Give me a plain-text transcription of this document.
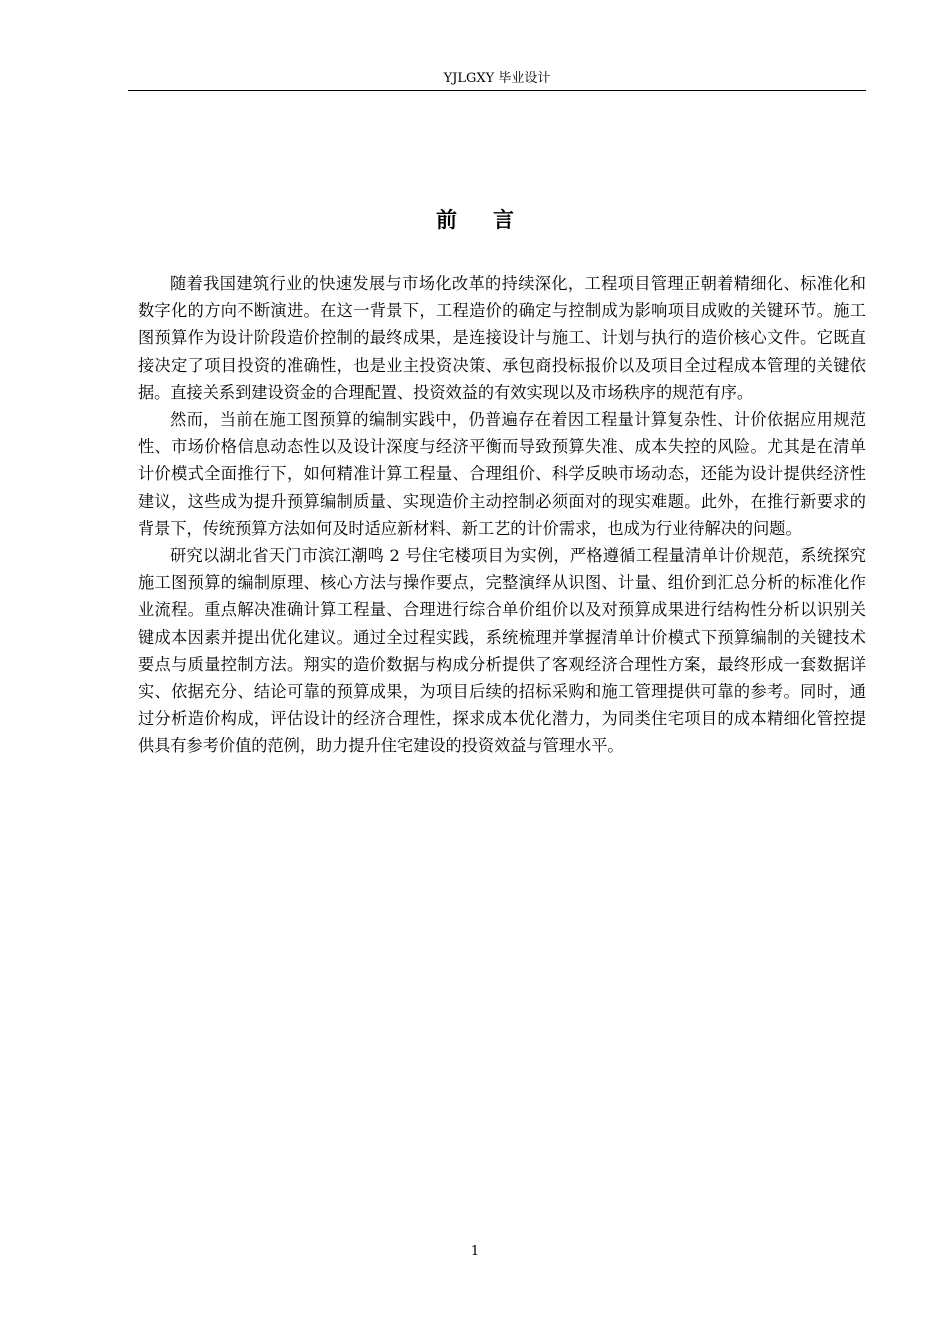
YJLGXY 毕业设计
前言

随着我国建筑行业的快速发展与市场化改革的持续深化，工程项目管理正朝着精细化、标准化和数字化的方向不断演进。在这一背景下，工程造价的确定与控制成为影响项目成败的关键环节。施工图预算作为设计阶段造价控制的最终成果，是连接设计与施工、计划与执行的造价核心文件。它既直接决定了项目投资的准确性，也是业主投资决策、承包商投标报价以及项目全过程成本管理的关键依据。直接关系到建设资金的合理配置、投资效益的有效实现以及市场秩序的规范有序。

然而，当前在施工图预算的编制实践中，仍普遍存在着因工程量计算复杂性、计价依据应用规范性、市场价格信息动态性以及设计深度与经济平衡而导致预算失准、成本失控的风险。尤其是在清单计价模式全面推行下，如何精准计算工程量、合理组价、科学反映市场动态，还能为设计提供经济性建议，这些成为提升预算编制质量、实现造价主动控制必须面对的现实难题。此外，在推行新要求的背景下，传统预算方法如何及时适应新材料、新工艺的计价需求，也成为行业待解决的问题。

研究以湖北省天门市滨江潮鸣 2 号住宅楼项目为实例，严格遵循工程量清单计价规范，系统探究施工图预算的编制原理、核心方法与操作要点，完整演绎从识图、计量、组价到汇总分析的标准化作业流程。重点解决准确计算工程量、合理进行综合单价组价以及对预算成果进行结构性分析以识别关键成本因素并提出优化建议。通过全过程实践，系统梳理并掌握清单计价模式下预算编制的关键技术要点与质量控制方法。翔实的造价数据与构成分析提供了客观经济合理性方案，最终形成一套数据详实、依据充分、结论可靠的预算成果，为项目后续的招标采购和施工管理提供可靠的参考。同时，通过分析造价构成，评估设计的经济合理性，探求成本优化潜力，为同类住宅项目的成本精细化管控提供具有参考价值的范例，助力提升住宅建设的投资效益与管理水平。

1
